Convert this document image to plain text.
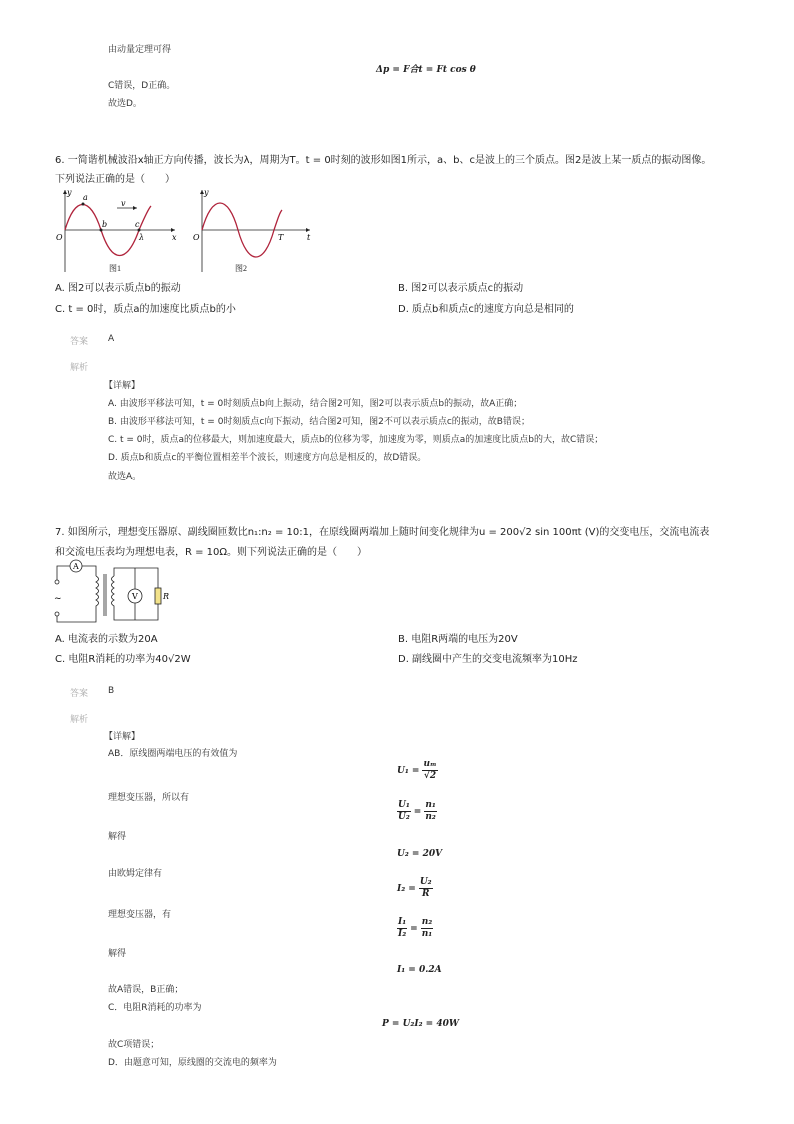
由动量定理可得
Δp = F合t = Ft cos θ
C错误，D正确。
故选D。
6. 一简谐机械波沿x轴正方向传播，波长为λ，周期为T。t = 0时刻的波形如图1所示，a、b、c是波上的三个质点。图2是波上某一质点的振动图像。
下列说法正确的是（　　）
y
x
O
a
b	c
v
λ
图1
y
t
O	T
图2
A. 图2可以表示质点b的振动	B. 图2可以表示质点c的振动
C. t = 0时，质点a的加速度比质点b的小	D. 质点b和质点c的速度方向总是相同的
答案 A
解析
【详解】
A. 由波形平移法可知，t = 0时刻质点b向上振动，结合图2可知，图2可以表示质点b的振动，故A正确；
B. 由波形平移法可知，t = 0时刻质点c向下振动，结合图2可知，图2不可以表示质点c的振动，故B错误；
C. t = 0时，质点a的位移最大，则加速度最大，质点b的位移为零，加速度为零，则质点a的加速度比质点b的大，故C错误；
D. 质点b和质点c的平衡位置相差半个波长，则速度方向总是相反的，故D错误。
故选A。
7. 如图所示，理想变压器原、副线圈匝数比n₁:n₂ = 10:1，在原线圈两端加上随时间变化规律为u = 200√2 sin 100πt (V)的交变电压，交流电流表
和交流电压表均为理想电表，R = 10Ω。则下列说法正确的是（　　）
~
A
V	R
A. 电流表的示数为20A	B. 电阻R两端的电压为20V
C. 电阻R消耗的功率为40√2W	D. 副线圈中产生的交变电流频率为10Hz
答案 B
解析
【详解】
AB．原线圈两端电压的有效值为
$U_1 = \frac{\text{uₘ}}{√2}$
理想变压器，所以有
$\frac{\text{U₁}}{\text{U₂}} = \frac{\text{n₁}}{\text{n₂}}$
解得
U₂ = 20V
由欧姆定律有
$I_2 = \frac{\text{U₂}}{R}$
理想变压器，有
$\frac{\text{I₁}}{\text{I₂}} = \frac{\text{n₂}}{\text{n₁}}$
解得
I₁ = 0.2A
故A错误，B正确；
C．电阻R消耗的功率为
P = U₂I₂ = 40W
故C项错误；
D．由题意可知，原线圈的交流电的频率为
